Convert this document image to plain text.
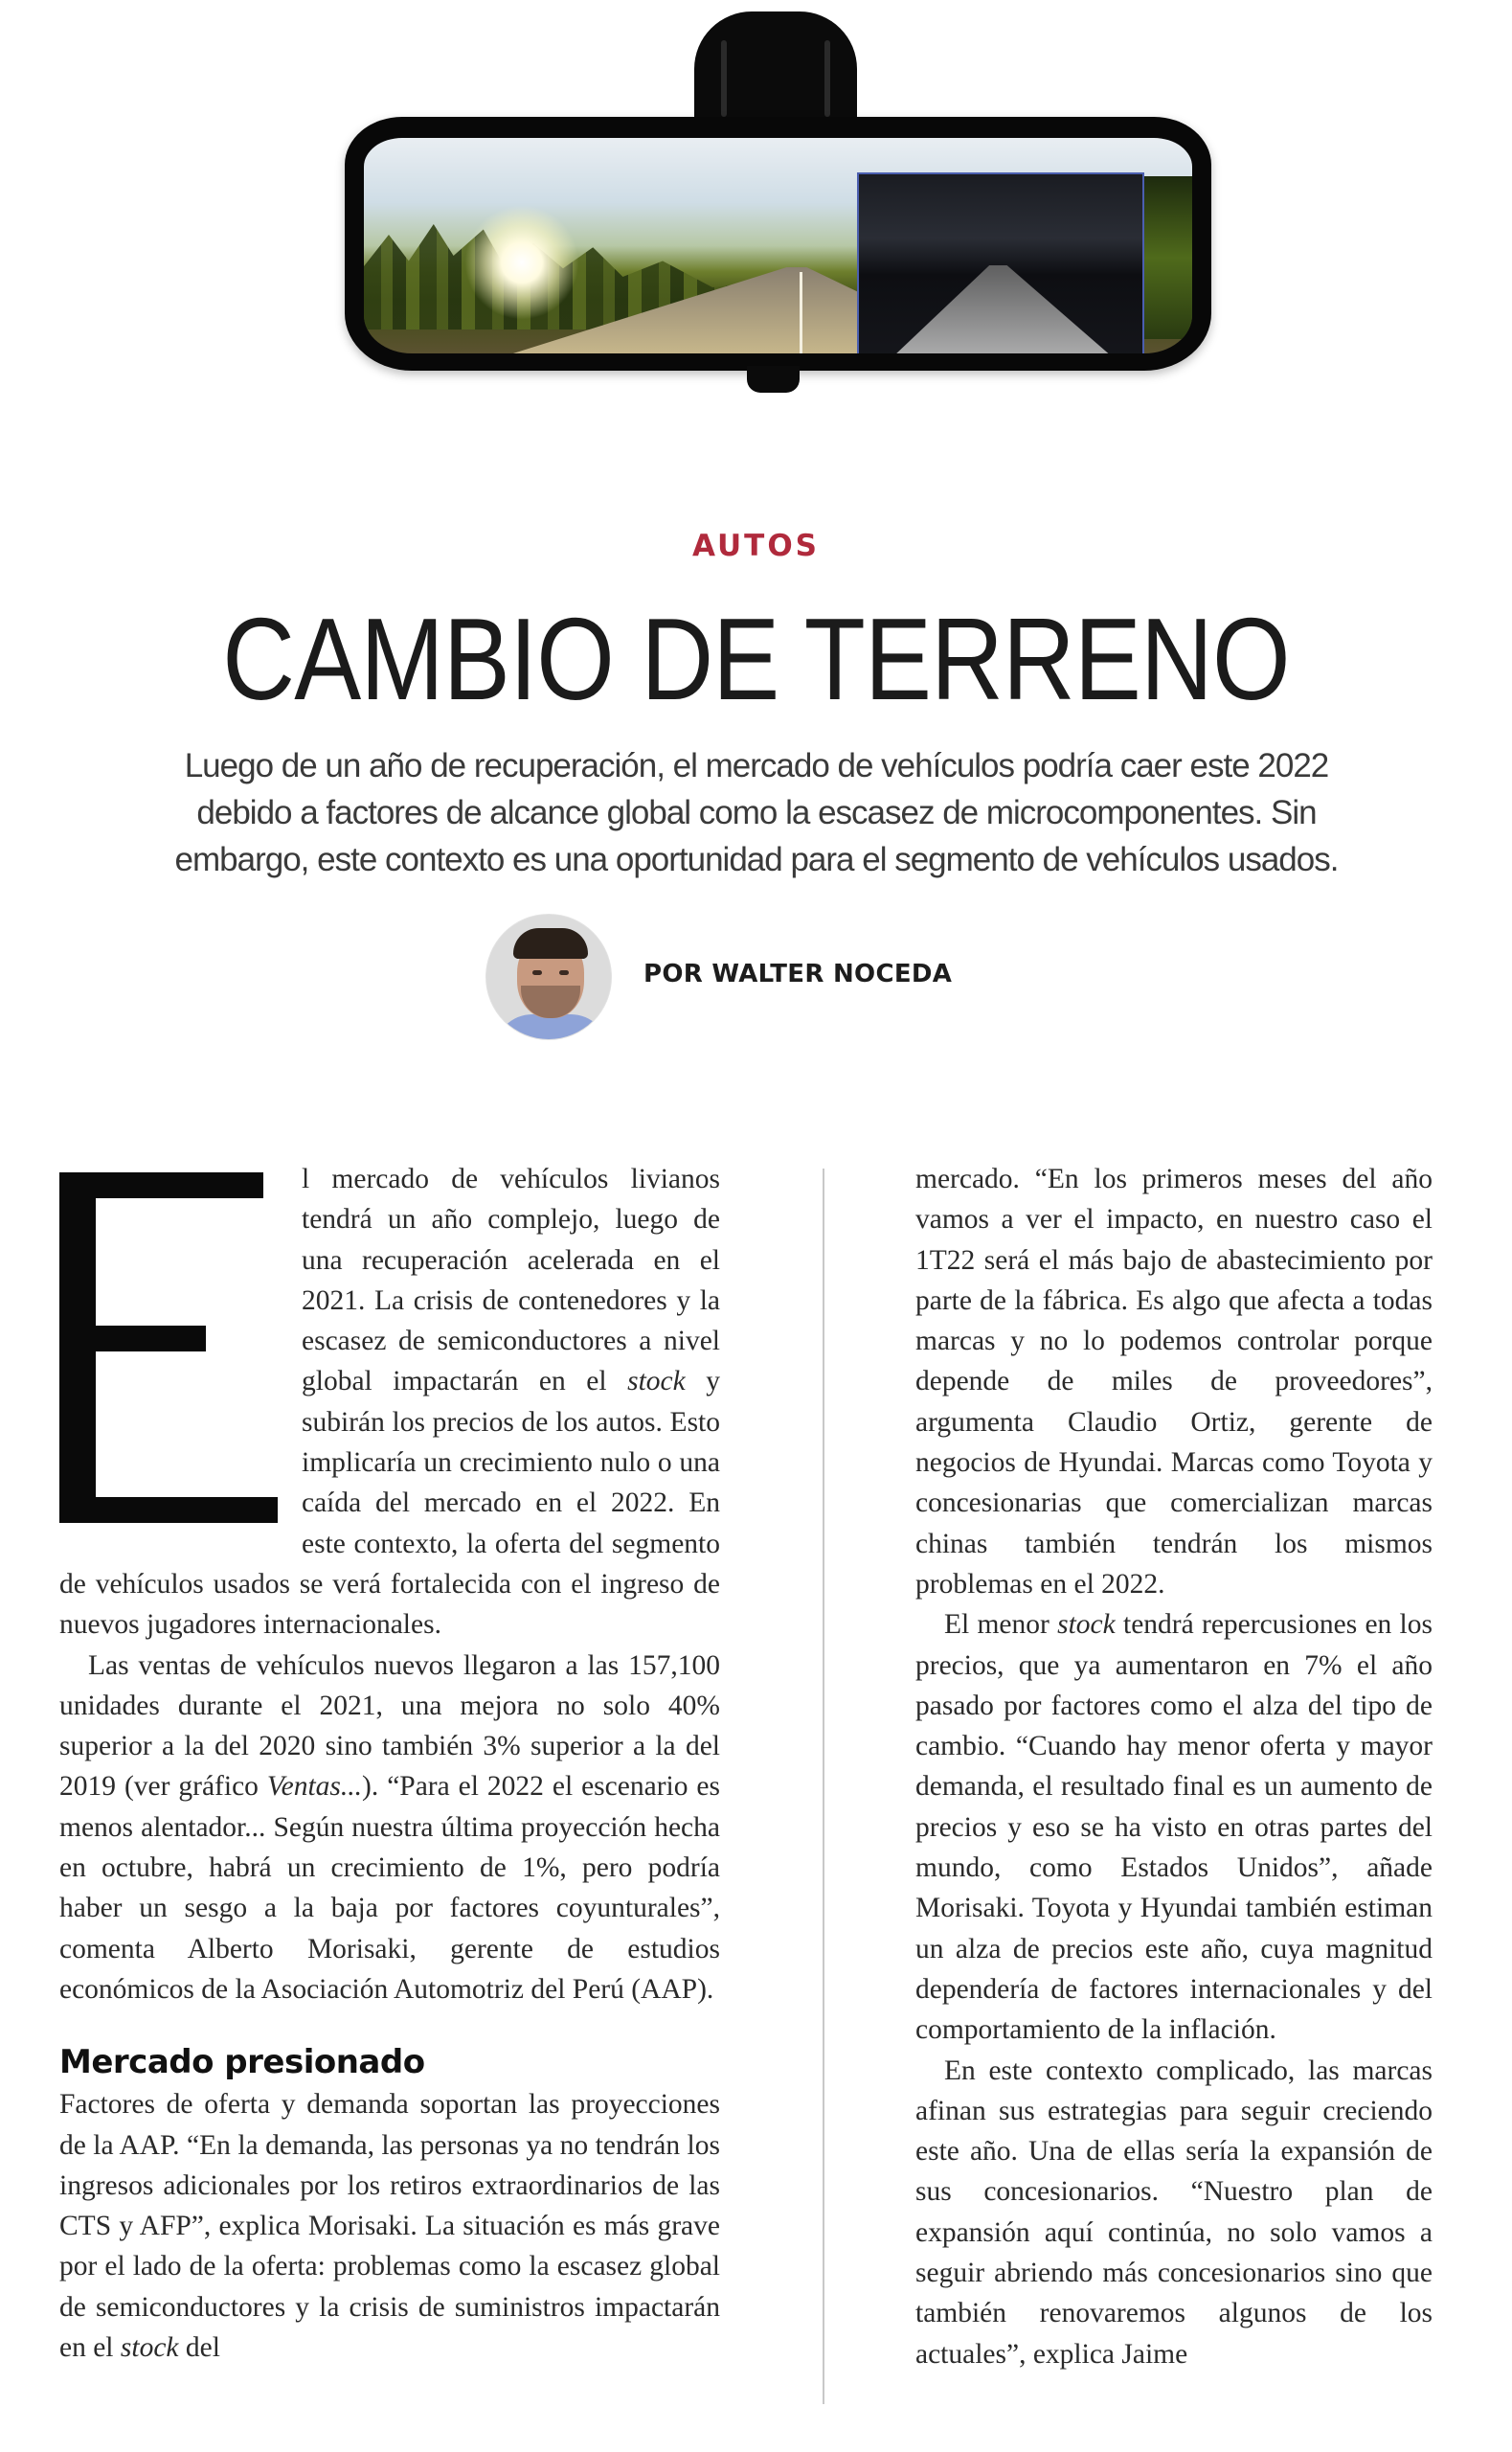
AUTOS
CAMBIO DE TERRENO
Luego de un año de recuperación, el mercado de vehículos podría caer este 2022 debido a factores de alcance global como la escasez de microcomponentes. Sin embargo, este contexto es una oportunidad para el segmento de vehículos usados.
POR WALTER NOCEDA

l mercado de vehículos livianos tendrá un año complejo, luego de una recuperación acelerada en el 2021. La crisis de contenedores y la escasez de semiconductores a nivel global impactarán en el stock y subirán los precios de los autos. Esto implicaría un crecimiento nulo o una caída del mercado en el 2022. En este contexto, la oferta del segmento de vehículos usados se verá fortalecida con el ingreso de nuevos jugadores internacionales.

Las ventas de vehículos nuevos llegaron a las 157,100 unidades durante el 2021, una mejora no solo 40% superior a la del 2020 sino también 3% superior a la del 2019 (ver gráfico Ventas...). “Para el 2022 el escenario es menos alentador... Según nuestra última proyección hecha en octubre, habrá un crecimiento de 1%, pero podría haber un sesgo a la baja por factores coyunturales”, comenta Alberto Morisaki, gerente de estudios económicos de la Asociación Automotriz del Perú (AAP).

Mercado presionado

Factores de oferta y demanda soportan las proyecciones de la AAP. “En la demanda, las personas ya no tendrán los ingresos adicionales por los retiros extraordinarios de las CTS y AFP”, explica Morisaki. La situación es más grave por el lado de la oferta: problemas como la escasez global de semiconductores y la crisis de suministros impactarán en el stock del

mercado. “En los primeros meses del año vamos a ver el impacto, en nuestro caso el 1T22 será el más bajo de abastecimiento por parte de la fábrica. Es algo que afecta a todas marcas y no lo podemos controlar porque depende de miles de proveedores”, argumenta Claudio Ortiz, gerente de negocios de Hyundai. Marcas como Toyota y concesionarias que comercializan marcas chinas también tendrán los mismos problemas en el 2022.

El menor stock tendrá repercusiones en los precios, que ya aumentaron en 7% el año pasado por factores como el alza del tipo de cambio. “Cuando hay menor oferta y mayor demanda, el resultado final es un aumento de precios y eso se ha visto en otras partes del mundo, como Estados Unidos”, añade Morisaki. Toyota y Hyundai también estiman un alza de precios este año, cuya magnitud dependería de factores internacionales y del comportamiento de la inflación.

En este contexto complicado, las marcas afinan sus estrategias para seguir creciendo este año. Una de ellas sería la expansión de sus concesionarios. “Nuestro plan de expansión aquí continúa, no solo vamos a seguir abriendo más concesionarios sino que también renovaremos algunos de los actuales”, explica Jaime
